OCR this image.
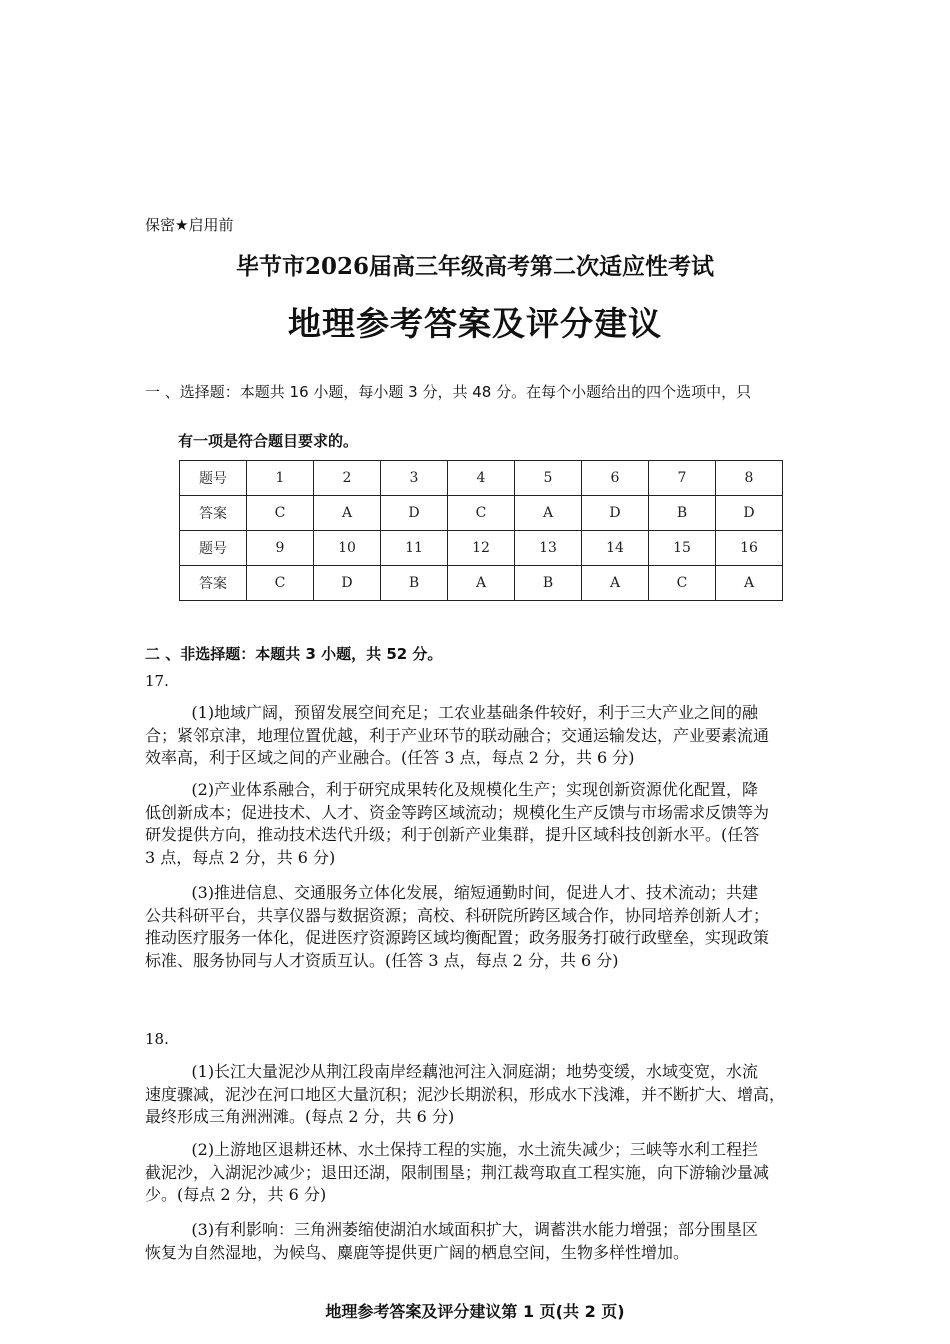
保密★启用前
毕节市2026届高三年级高考第二次适应性考试
地理参考答案及评分建议
一 、选择题：本题共 16 小题，每小题 3 分，共 48 分。在每个小题给出的四个选项中，只
有一项是符合题目要求的。
题号	1	2	3	4	5	6	7	8
答案	C	A	D	C	A	D	B	D
题号	9	10	11	12	13	14	15	16
答案	C	D	B	A	B	A	C	A
二 、非选择题：本题共 3 小题，共 52 分。
17.
(1)地域广阔，预留发展空间充足；工农业基础条件较好，利于三大产业之间的融
合；紧邻京津，地理位置优越，利于产业环节的联动融合；交通运输发达，产业要素流通
效率高，利于区域之间的产业融合。(任答 3 点，每点 2 分，共 6 分)
(2)产业体系融合，利于研究成果转化及规模化生产；实现创新资源优化配置，降
低创新成本；促进技术、人才、资金等跨区域流动；规模化生产反馈与市场需求反馈等为
研发提供方向，推动技术迭代升级；利于创新产业集群，提升区域科技创新水平。(任答
3 点，每点 2 分，共 6 分)
(3)推进信息、交通服务立体化发展，缩短通勤时间，促进人才、技术流动；共建
公共科研平台，共享仪器与数据资源；高校、科研院所跨区域合作，协同培养创新人才；
推动医疗服务一体化，促进医疗资源跨区域均衡配置；政务服务打破行政壁垒，实现政策
标准、服务协同与人才资质互认。(任答 3 点，每点 2 分，共 6 分)
18.
(1)长江大量泥沙从荆江段南岸经藕池河注入洞庭湖；地势变缓，水域变宽，水流
速度骤减，泥沙在河口地区大量沉积；泥沙长期淤积，形成水下浅滩，并不断扩大、增高，
最终形成三角洲洲滩。(每点 2 分，共 6 分)
(2)上游地区退耕还林、水土保持工程的实施，水土流失减少；三峡等水利工程拦
截泥沙，入湖泥沙减少；退田还湖，限制围垦；荆江裁弯取直工程实施，向下游输沙量减
少。(每点 2 分，共 6 分)
(3)有利影响：三角洲萎缩使湖泊水域面积扩大，调蓄洪水能力增强；部分围垦区
恢复为自然湿地，为候鸟、麋鹿等提供更广阔的栖息空间，生物多样性增加。
地理参考答案及评分建议第 1 页(共 2 页)
